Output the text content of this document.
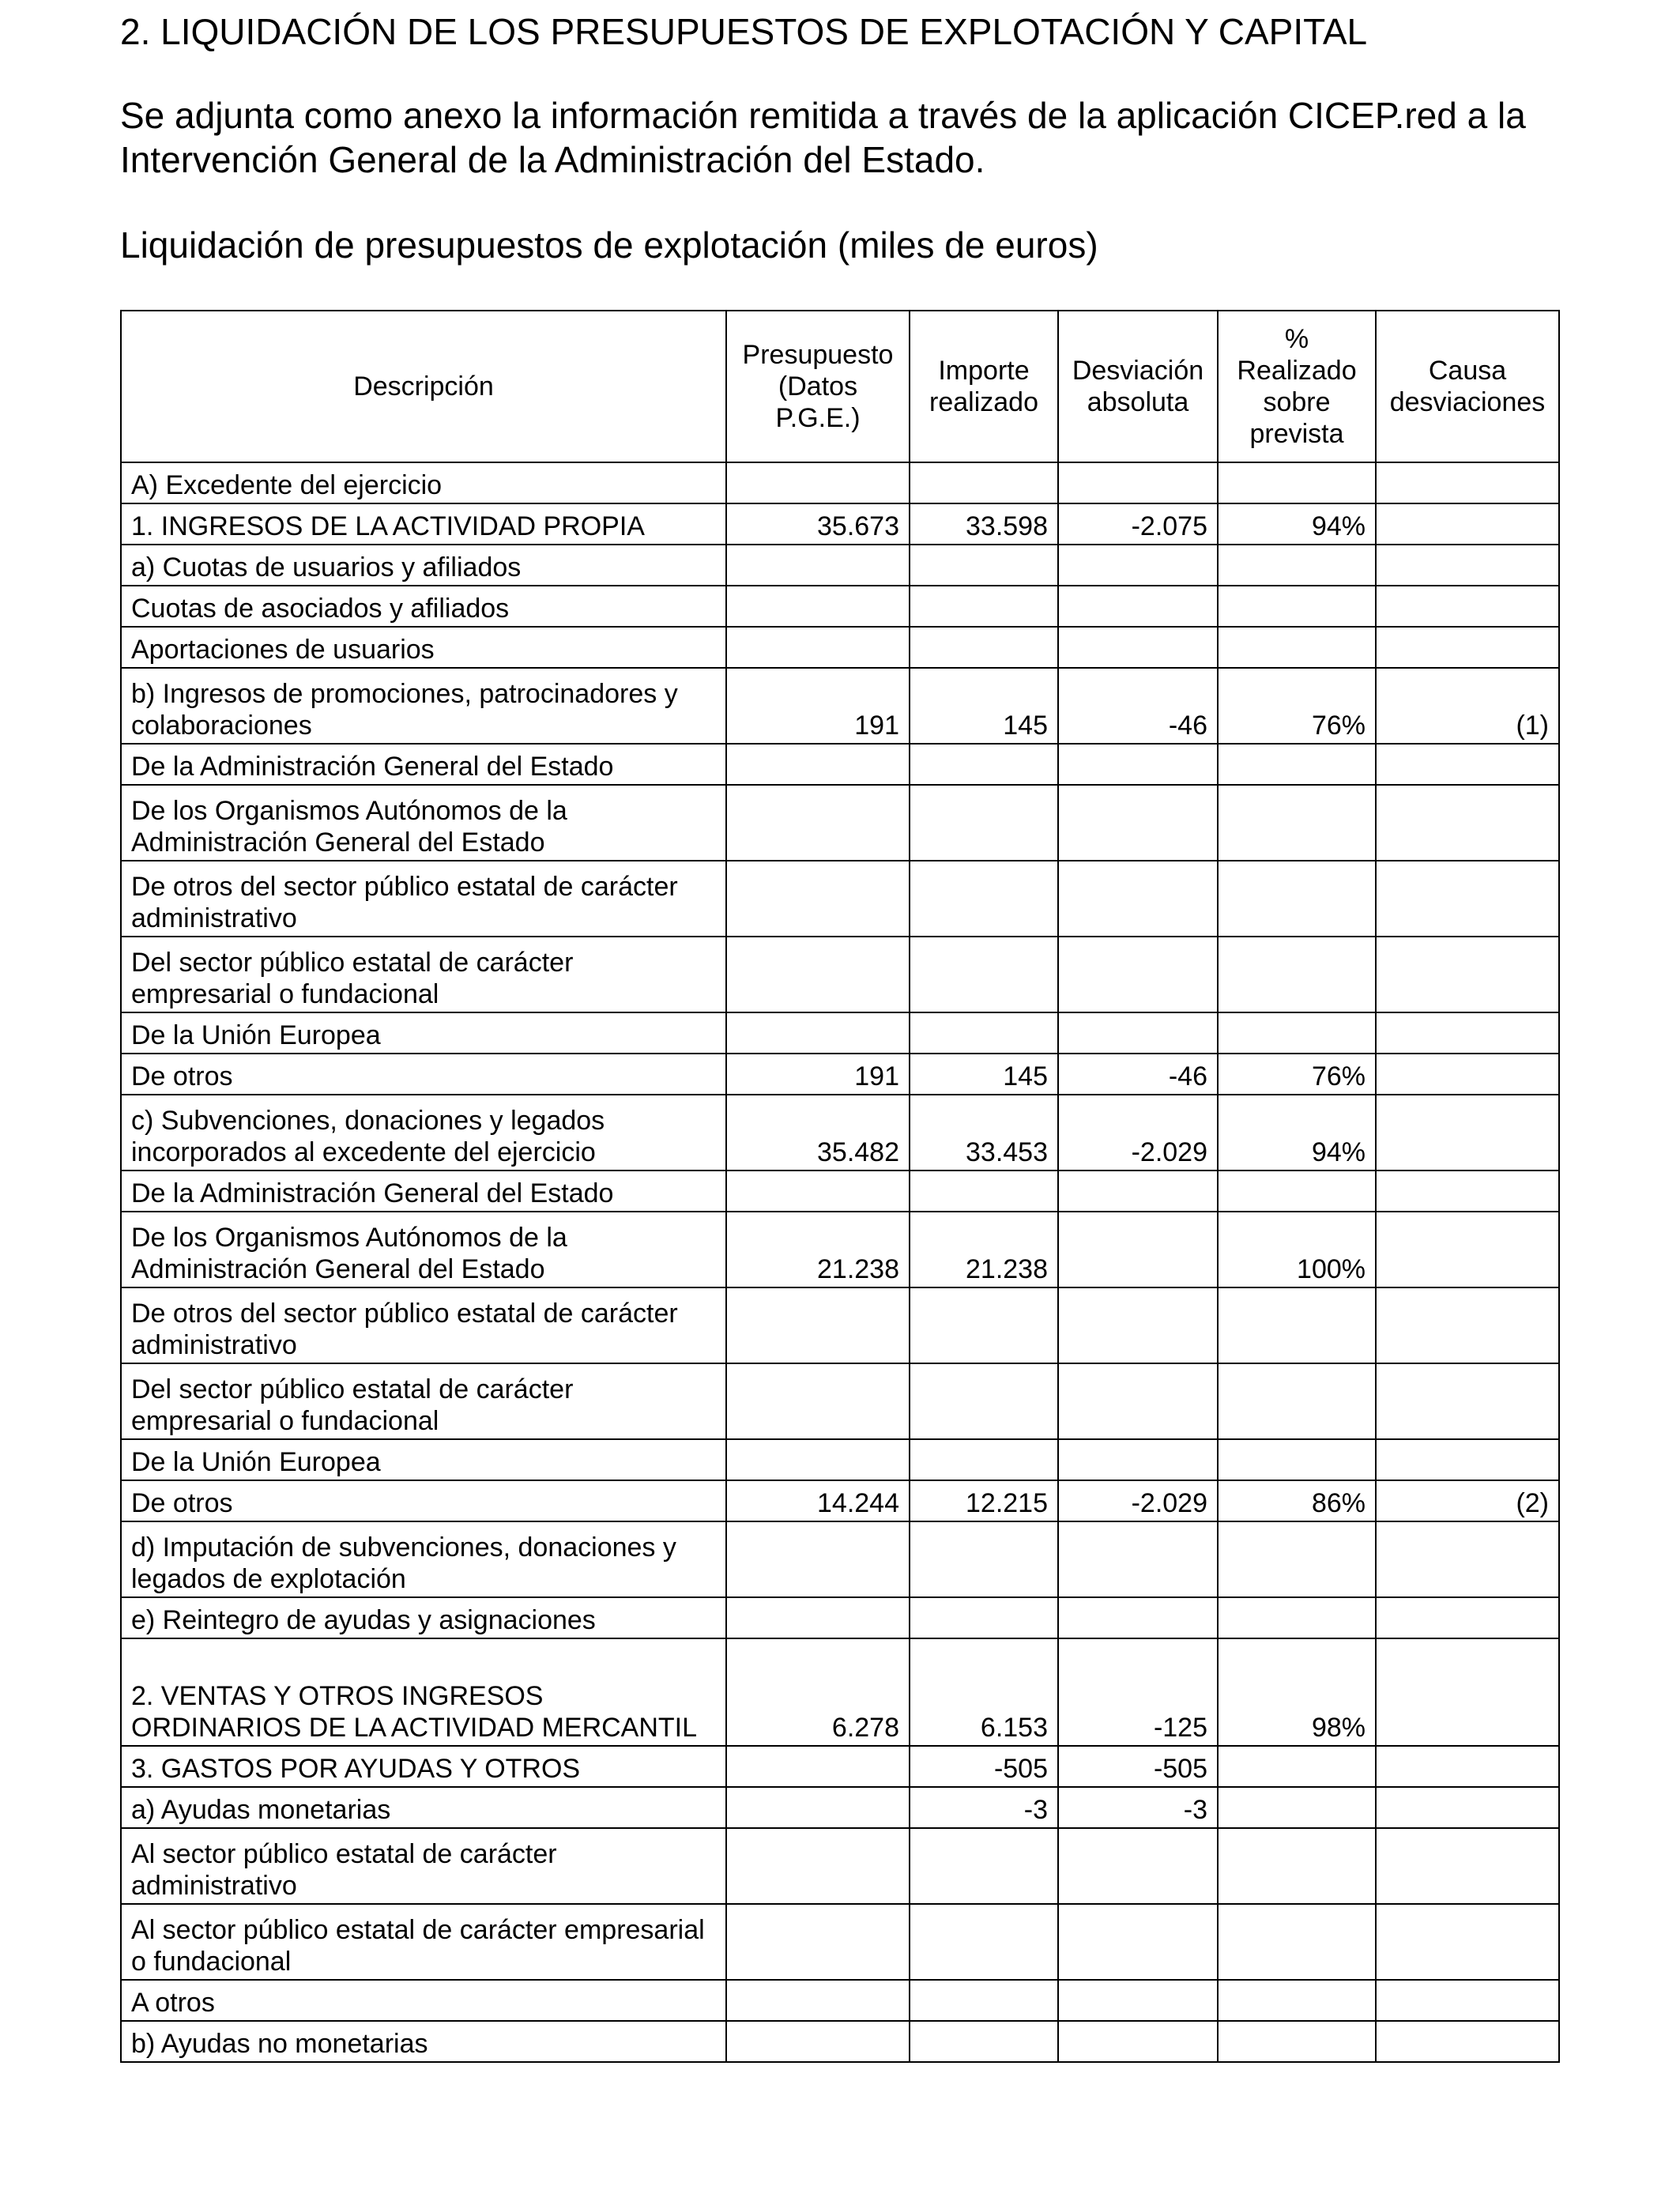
2. LIQUIDACIÓN DE LOS PRESUPUESTOS DE EXPLOTACIÓN Y CAPITAL
Se adjunta como anexo la información remitida a través de la aplicación CICEP.red a la Intervención General de la Administración del Estado.
Liquidación de presupuestos de explotación (miles de euros)
Descripción	Presupuesto (Datos P.G.E.)	Importe realizado	Desviación absoluta	% Realizado sobre prevista	Causa desviaciones
A) Excedente del ejercicio					
1. INGRESOS DE LA ACTIVIDAD PROPIA	35.673	33.598	-2.075	94%	
a) Cuotas de usuarios y afiliados					
Cuotas de asociados y afiliados					
Aportaciones de usuarios					
b) Ingresos de promociones, patrocinadores y colaboraciones	191	145	-46	76%	(1)
De la Administración General del Estado					
De los Organismos Autónomos de la Administración General del Estado					
De otros del sector público estatal de carácter administrativo					
Del sector público estatal de carácter empresarial o fundacional					
De la Unión Europea					
De otros	191	145	-46	76%	
c) Subvenciones, donaciones y legados incorporados al excedente del ejercicio	35.482	33.453	-2.029	94%	
De la Administración General del Estado					
De los Organismos Autónomos de la Administración General del Estado	21.238	21.238		100%	
De otros del sector público estatal de carácter administrativo					
Del sector público estatal de carácter empresarial o fundacional					
De la Unión Europea					
De otros	14.244	12.215	-2.029	86%	(2)
d) Imputación de subvenciones, donaciones y legados de explotación					
e) Reintegro de ayudas y asignaciones					
2. VENTAS Y OTROS INGRESOS ORDINARIOS DE LA ACTIVIDAD MERCANTIL	6.278	6.153	-125	98%	
3. GASTOS POR AYUDAS Y OTROS		-505	-505		
a) Ayudas monetarias		-3	-3		
Al sector público estatal de carácter administrativo					
Al sector público estatal de carácter empresarial o fundacional					
A otros					
b) Ayudas no monetarias					
